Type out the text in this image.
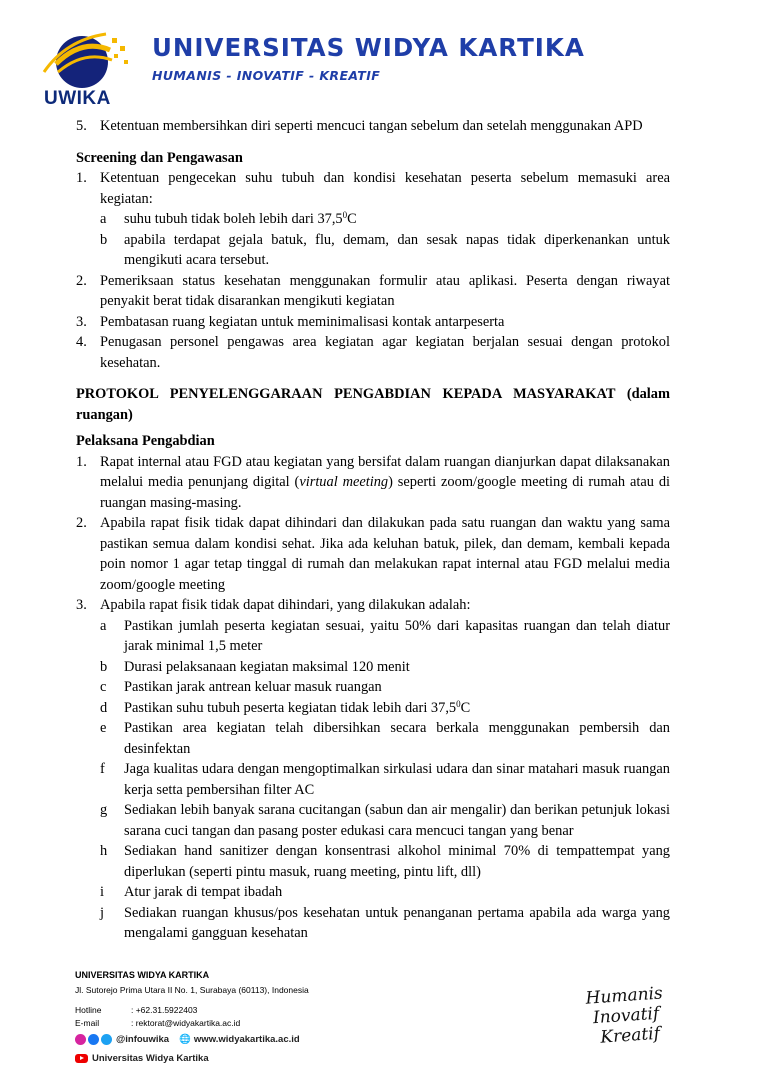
UWIKA
UNIVERSITAS WIDYA KARTIKA
HUMANIS - INOVATIF - KREATIF
5. Ketentuan membersihkan diri seperti mencuci tangan sebelum dan setelah menggunakan APD
Screening dan Pengawasan
1. Ketentuan pengecekan suhu tubuh dan kondisi kesehatan peserta sebelum memasuki area kegiatan:
a suhu tubuh tidak boleh lebih dari 37,5$^0$C
b apabila terdapat gejala batuk, flu, demam, dan sesak napas tidak diperkenankan untuk mengikuti acara tersebut.
2. Pemeriksaan status kesehatan menggunakan formulir atau aplikasi. Peserta dengan riwayat penyakit berat tidak disarankan mengikuti kegiatan
3. Pembatasan ruang kegiatan untuk meminimalisasi kontak antarpeserta
4. Penugasan personel pengawas area kegiatan agar kegiatan berjalan sesuai dengan protokol kesehatan.
PROTOKOL PENYELENGGARAAN PENGABDIAN KEPADA MASYARAKAT (dalam ruangan)
Pelaksana Pengabdian
1. Rapat internal atau FGD atau kegiatan yang bersifat dalam ruangan dianjurkan dapat dilaksanakan melalui media penunjang digital (virtual meeting) seperti zoom/google meeting di rumah atau di ruangan masing-masing.
2. Apabila rapat fisik tidak dapat dihindari dan dilakukan pada satu ruangan dan waktu yang sama pastikan semua dalam kondisi sehat. Jika ada keluhan batuk, pilek, dan demam, kembali kepada poin nomor 1 agar tetap tinggal di rumah dan melakukan rapat internal atau FGD melalui media zoom/google meeting
3. Apabila rapat fisik tidak dapat dihindari, yang dilakukan adalah:
a Pastikan jumlah peserta kegiatan sesuai, yaitu 50% dari kapasitas ruangan dan telah diatur jarak minimal 1,5 meter
b Durasi pelaksanaan kegiatan maksimal 120 menit
c Pastikan jarak antrean keluar masuk ruangan
d Pastikan suhu tubuh peserta kegiatan tidak lebih dari 37,5$^0$C
e Pastikan area kegiatan telah dibersihkan secara berkala menggunakan pembersih dan desinfektan
f Jaga kualitas udara dengan mengoptimalkan sirkulasi udara dan sinar matahari masuk ruangan kerja setta pembersihan filter AC
g Sediakan lebih banyak sarana cucitangan (sabun dan air mengalir) dan berikan petunjuk lokasi sarana cuci tangan dan pasang poster edukasi cara mencuci tangan yang benar
h Sediakan hand sanitizer dengan konsentrasi alkohol minimal 70% di tempattempat yang diperlukan (seperti pintu masuk, ruang meeting, pintu lift, dll)
i Atur jarak di tempat ibadah
j Sediakan ruangan khusus/pos kesehatan untuk penanganan pertama apabila ada warga yang mengalami gangguan kesehatan
UNIVERSITAS WIDYA KARTIKA
Jl. Sutorejo Prima Utara II No. 1, Surabaya (60113), Indonesia
Hotline	: +62.31.5922403
E-mail	: rektorat@widyakartika.ac.id
@infouwika 🌐 www.widyakartika.ac.id
Universitas Widya Kartika
Humanis
Inovatif
Kreatif
